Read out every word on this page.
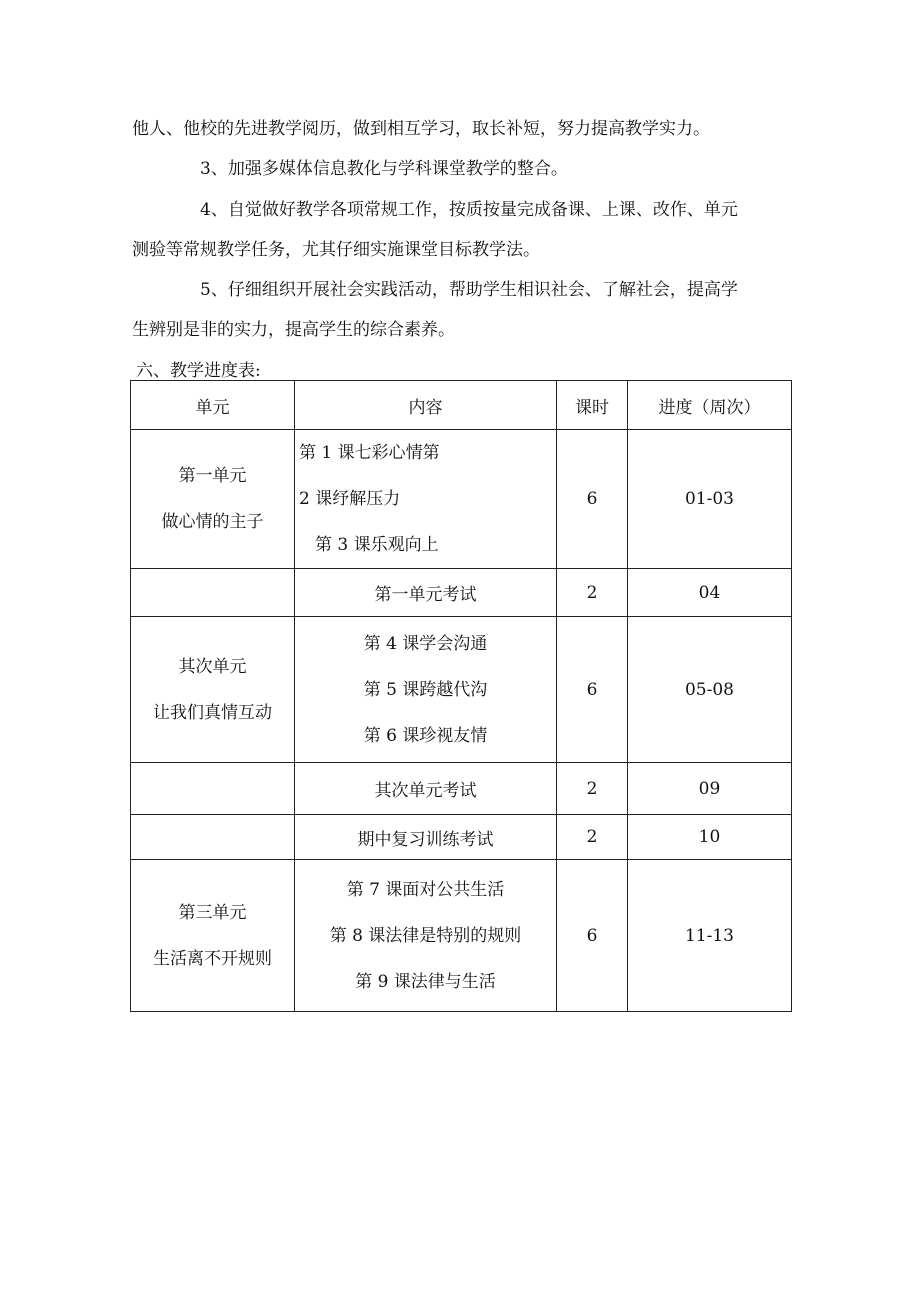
他人、他校的先进教学阅历，做到相互学习，取长补短，努力提高教学实力。
3、加强多媒体信息教化与学科课堂教学的整合。
4、自觉做好教学各项常规工作，按质按量完成备课、上课、改作、单元
测验等常规教学任务，尤其仔细实施课堂目标教学法。
5、仔细组织开展社会实践活动，帮助学生相识社会、了解社会，提高学
生辨别是非的实力，提高学生的综合素养。
六、教学进度表:
单元	内容	课时	进度（周次）

第一单元
做心情的主子	第 1 课七彩心情第
2 课纾解压力
第 3 课乐观向上	6	01-03
	第一单元考试	2	04

其次单元
让我们真情互动	第 4 课学会沟通
第 5 课跨越代沟
第 6 课珍视友情	6	05-08
	其次单元考试	2	09
	期中复习训练考试	2	10

第三单元
生活离不开规则	第 7 课面对公共生活
第 8 课法律是特别的规则
第 9 课法律与生活	6	11-13
